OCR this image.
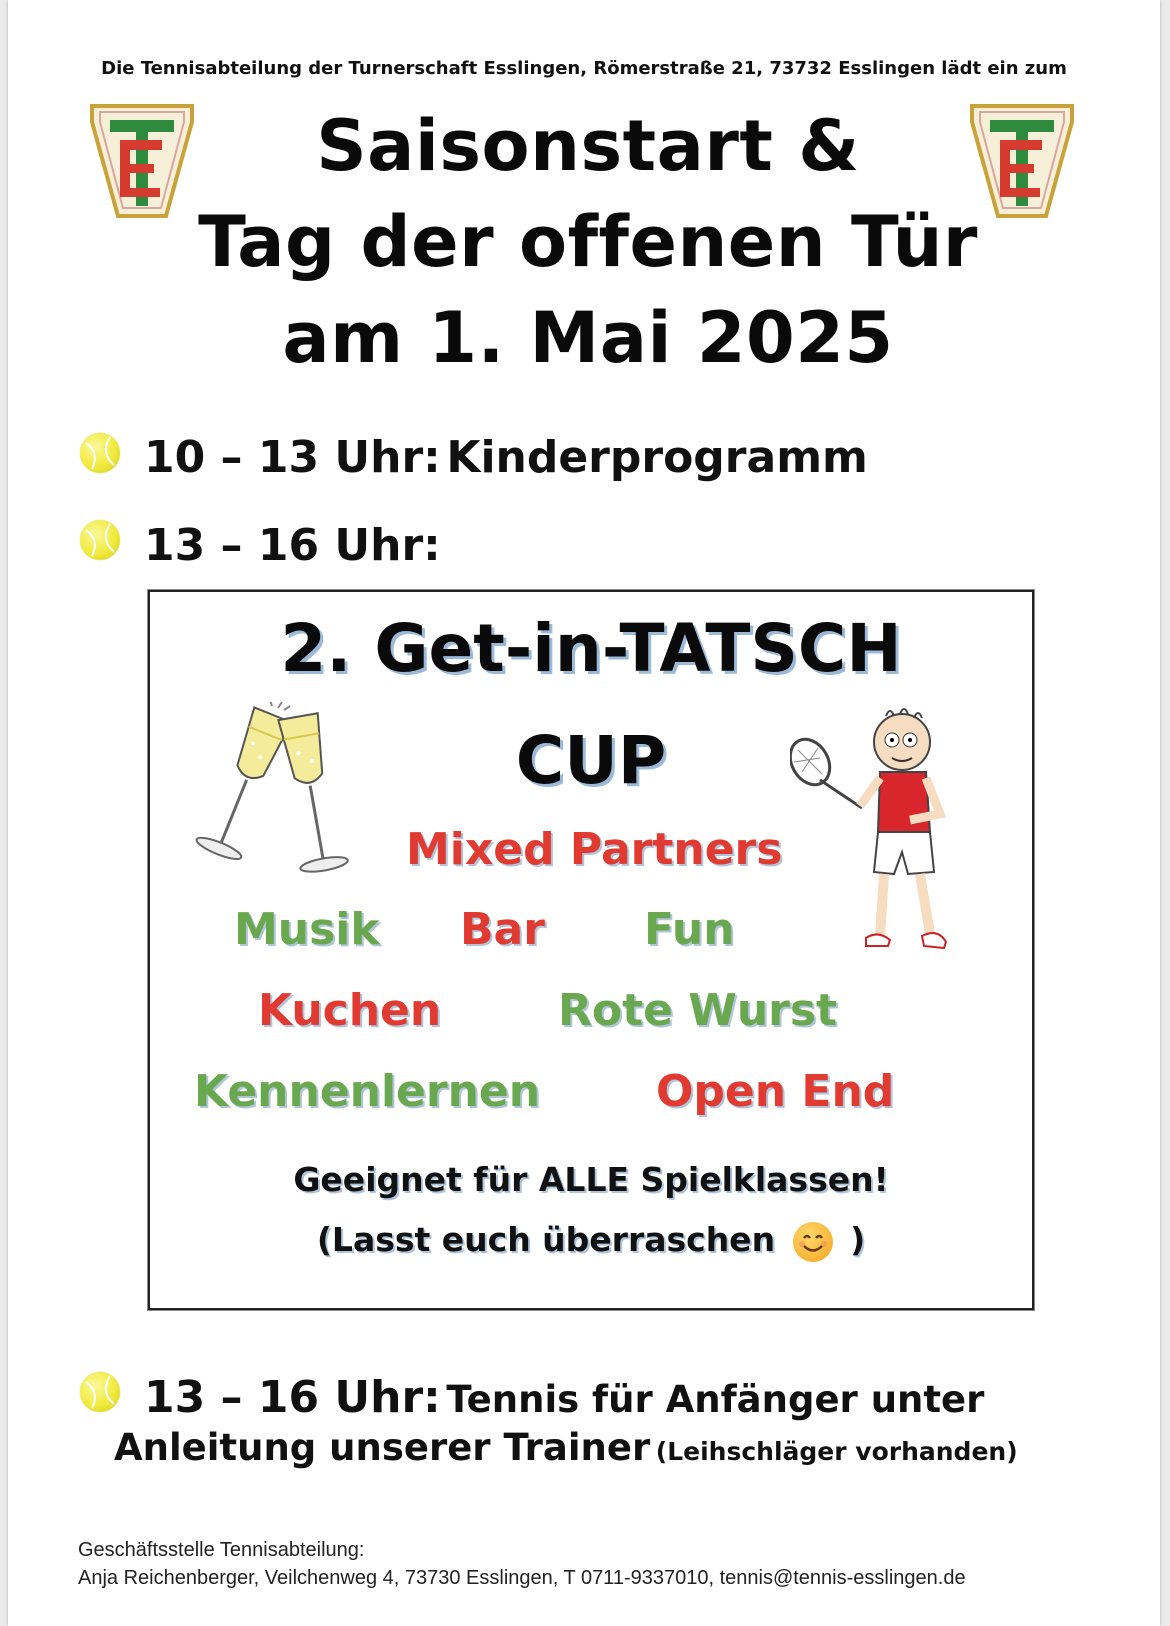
Die Tennisabteilung der Turnerschaft Esslingen, Römerstraße 21, 73732 Esslingen lädt ein zum
Saisonstart &
Tag der offenen Tür
am 1. Mai 2025
10 – 13 Uhr: Kinderprogramm
13 – 16 Uhr:
2. Get-in-TATSCH
CUP
Mixed Partners
Musik Bar Fun
Kuchen	Rote Wurst
Kennenlernen	Open End
Geeignet für ALLE Spielklassen!
(Lasst euch überraschen )
13 – 16 Uhr: Tennis für Anfänger unter
Anleitung unserer Trainer (Leihschläger vorhanden)
Geschäftsstelle Tennisabteilung:
Anja Reichenberger, Veilchenweg 4, 73730 Esslingen, T 0711-9337010, tennis@tennis-esslingen.de
